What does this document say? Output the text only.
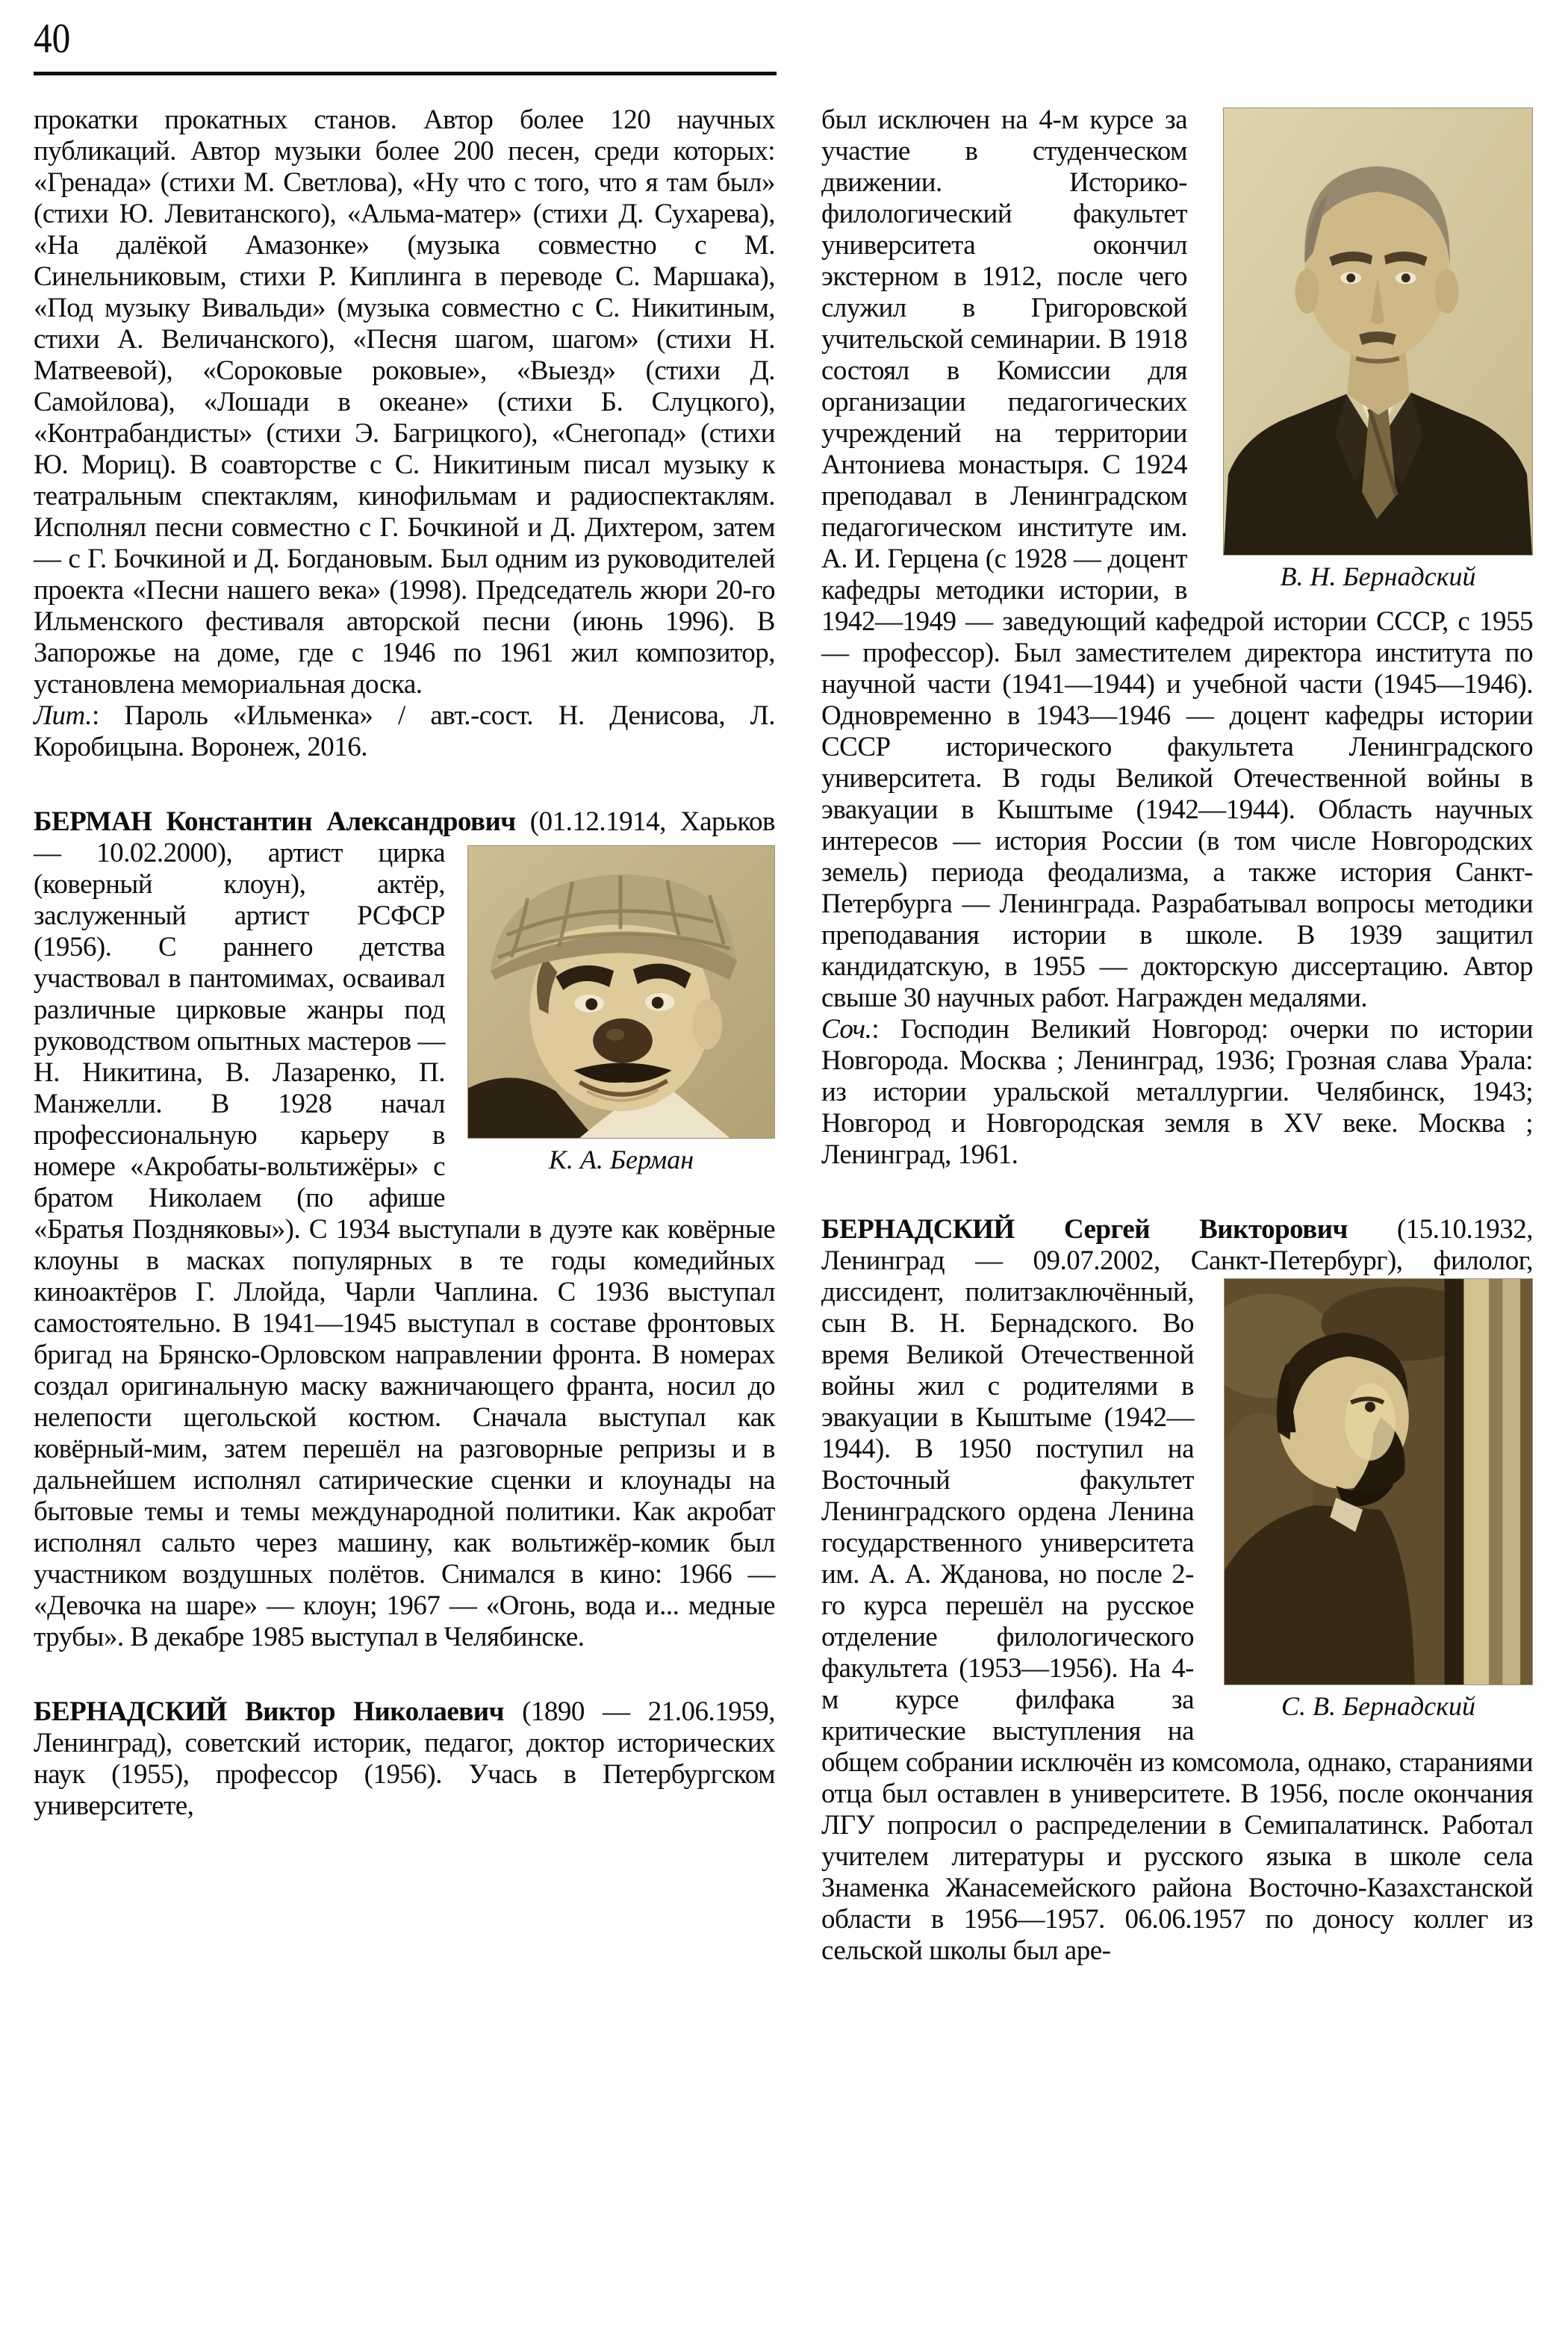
40

прокатки прокатных станов. Автор более 120 научных публикаций. Автор музыки более 200 песен, среди которых: «Гренада» (стихи М. Светлова), «Ну что с того, что я там был» (стихи Ю. Левитанского), «Альма-матер» (стихи Д. Сухарева), «На далёкой Амазонке» (музыка совместно с М. Синельниковым, стихи Р. Киплинга в переводе С. Маршака), «Под музыку Вивальди» (музыка совместно с С. Никитиным, стихи А. Величанского), «Песня шагом, шагом» (стихи Н. Матвеевой), «Сороковые роковые», «Выезд» (стихи Д. Самойлова), «Лошади в океане» (стихи Б. Слуцкого), «Контрабандисты» (стихи Э. Багрицкого), «Снегопад» (стихи Ю. Мориц). В соавторстве с С. Никитиным писал музыку к театральным спектаклям, кинофильмам и радиоспектаклям. Исполнял песни совместно с Г. Бочкиной и Д. Дихтером, затем — с Г. Бочкиной и Д. Богдановым. Был одним из руководителей проекта «Песни нашего века» (1998). Председатель жюри 20-го Ильменского фестиваля авторской песни (июнь 1996). В Запорожье на доме, где с 1946 по 1961 жил композитор, установлена мемориальная доска.

Лит.: Пароль «Ильменка» / авт.-сост. Н. Денисова, Л. Коробицына. Воронеж, 2016.

БЕРМАН Константин Александрович (01.12.1914, Харьков — 10.02.2000), артист
К. А. Берман
цирка (коверный клоун), актёр, заслуженный артист РСФСР (1956). С раннего детства участвовал в пантомимах, осваивал различные цирковые жанры под руководством опытных мастеров — Н. Никитина, В. Лазаренко, П. Манжелли. В 1928 начал профессиональную карьеру в номере «Акробаты-вольтижёры» с братом Николаем (по афише «Братья Поздняковы»). С 1934 выступали в дуэте как ковёрные клоуны в масках популярных в те годы комедийных киноактёров Г. Ллойда, Чарли Чаплина. С 1936 выступал самостоятельно. В 1941—1945 выступал в составе фронтовых бригад на Брянско-Орловском направлении фронта. В номерах создал оригинальную маску важничающего франта, носил до нелепости щегольской костюм. Сначала выступал как ковёрный-мим, затем перешёл на разговорные репризы и в дальнейшем исполнял сатирические сценки и клоунады на бытовые темы и темы международной политики. Как акробат исполнял сальто через машину, как вольтижёр-комик был участником воздушных полётов. Снимался в кино: 1966 — «Девочка на шаре» — клоун; 1967 — «Огонь, вода и... медные трубы». В декабре 1985 выступал в Челябинске.

БЕРНАДСКИЙ Виктор Николаевич (1890 — 21.06.1959, Ленинград), советский историк, педагог, доктор исторических наук (1955), профессор (1956). Учась в Петербургском университете,

В. Н. Бернадский
был исключен на 4-м курсе за участие в студенческом движении. Историко-филологический факультет университета окончил экстерном в 1912, после чего служил в Григоровской учительской семинарии. В 1918 состоял в Комиссии для организации педагогических учреждений на территории Антониева монастыря. С 1924 преподавал в Ленинградском педагогическом институте им. А. И. Герцена (с 1928 — доцент кафедры методики истории, в 1942—1949 — заведующий кафедрой истории СССР, с 1955 — профессор). Был заместителем директора института по научной части (1941—1944) и учебной части (1945—1946). Одновременно в 1943—1946 — доцент кафедры истории СССР исторического факультета Ленинградского университета. В годы Великой Отечественной войны в эвакуации в Кыштыме (1942—1944). Область научных интересов — история России (в том числе Новгородских земель) периода феодализма, а также история Санкт-Петербурга — Ленинграда. Разрабатывал вопросы методики преподавания истории в школе. В 1939 защитил кандидатскую, в 1955 — докторскую диссертацию. Автор свыше 30 научных работ. Награжден медалями.

Соч.: Господин Великий Новгород: очерки по истории Новгорода. Москва ; Ленинград, 1936; Грозная слава Урала: из истории уральской металлургии. Челябинск, 1943; Новгород и Новгородская земля в XV веке. Москва ; Ленинград, 1961.

БЕРНАДСКИЙ Сергей Викторович (15.10.1932, Ленинград — 09.07.2002, Санкт-Петербург),
С. В. Бернадский
филолог, диссидент, политзаключённый, сын В. Н. Бернадского. Во время Великой Отечественной войны жил с родителями в эвакуации в Кыштыме (1942—1944). В 1950 поступил на Восточный факультет Ленинградского ордена Ленина государственного университета им. А. А. Жданова, но после 2-го курса перешёл на русское отделение филологического факультета (1953—1956). На 4-м курсе филфака за критические выступления на общем собрании исключён из комсомола, однако, стараниями отца был оставлен в университете. В 1956, после окончания ЛГУ попросил о распределении в Семипалатинск. Работал учителем литературы и русского языка в школе села Знаменка Жанасемейского района Восточно-Казахстанской области в 1956—1957. 06.06.1957 по доносу коллег из сельской школы был аре-
